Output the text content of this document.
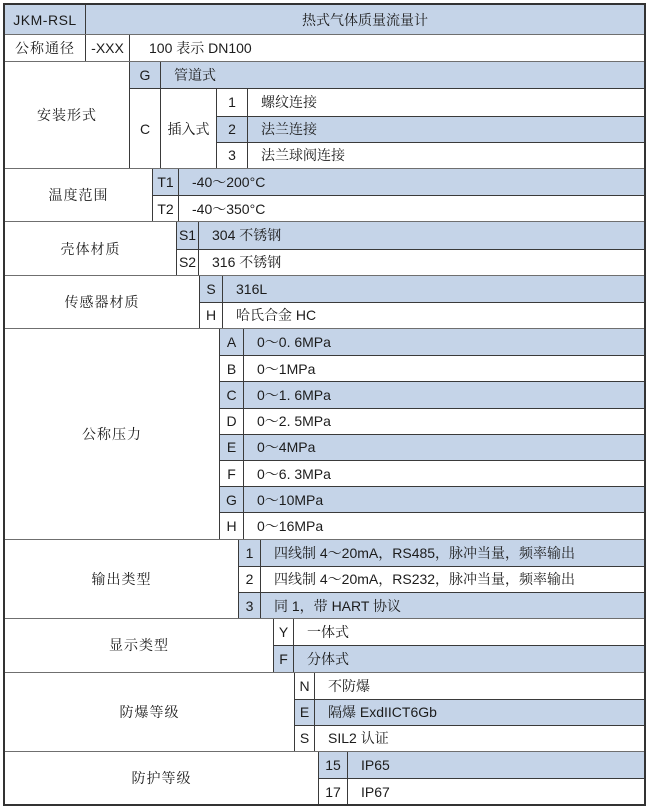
JKM-RSL	热式气体质量流量计
公称通径	-XXX	100 表示 DN100
安装形式
G	管道式
C	插入式
1	螺纹连接
2	法兰连接
3	法兰球阀连接
温度范围
T1	-40～200°C
T2	-40～350°C
壳体材质
S1	304 不锈钢
S2	316 不锈钢
传感器材质
S	316L
H	哈氏合金 HC
公称压力
A	0～0. 6MPa
B	0～1MPa
C	0～1. 6MPa
D	0～2. 5MPa
E	0～4MPa
F	0～6. 3MPa
G	0～10MPa
H	0～16MPa
输出类型
1	四线制 4～20mA，RS485，脉冲当量，频率输出
2	四线制 4～20mA，RS232，脉冲当量，频率输出
3	同 1，带 HART 协议
显示类型
Y	一体式
F	分体式
防爆等级
N	不防爆
E	隔爆 ExdIICT6Gb
S	SIL2 认证
防护等级
15	IP65
17	IP67
